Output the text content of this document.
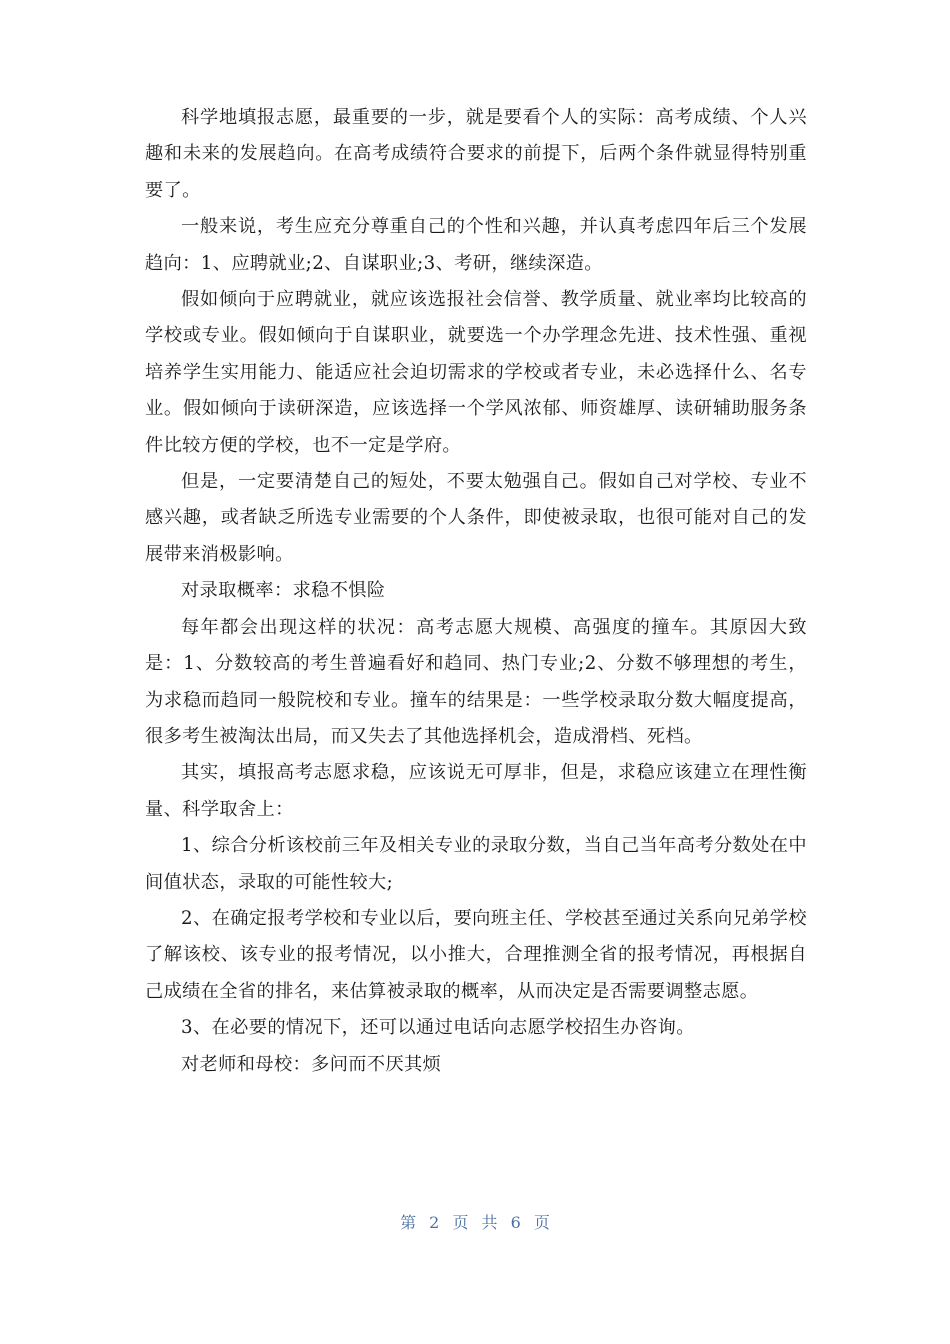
科学地填报志愿，最重要的一步，就是要看个人的实际：高考成绩、个人兴趣和未来的发展趋向。在高考成绩符合要求的前提下，后两个条件就显得特别重要了。

一般来说，考生应充分尊重自己的个性和兴趣，并认真考虑四年后三个发展趋向：1、应聘就业;2、自谋职业;3、考研，继续深造。

假如倾向于应聘就业，就应该选报社会信誉、教学质量、就业率均比较高的学校或专业。假如倾向于自谋职业，就要选一个办学理念先进、技术性强、重视培养学生实用能力、能适应社会迫切需求的学校或者专业，未必选择什么、名专业。假如倾向于读研深造，应该选择一个学风浓郁、师资雄厚、读研辅助服务条件比较方便的学校，也不一定是学府。

但是，一定要清楚自己的短处，不要太勉强自己。假如自己对学校、专业不感兴趣，或者缺乏所选专业需要的个人条件，即使被录取，也很可能对自己的发展带来消极影响。

对录取概率：求稳不惧险

每年都会出现这样的状况：高考志愿大规模、高强度的撞车。其原因大致是：1、分数较高的考生普遍看好和趋同、热门专业;2、分数不够理想的考生，为求稳而趋同一般院校和专业。撞车的结果是：一些学校录取分数大幅度提高，很多考生被淘汰出局，而又失去了其他选择机会，造成滑档、死档。

其实，填报高考志愿求稳，应该说无可厚非，但是，求稳应该建立在理性衡量、科学取舍上：

1、综合分析该校前三年及相关专业的录取分数，当自己当年高考分数处在中间值状态，录取的可能性较大;

2、在确定报考学校和专业以后，要向班主任、学校甚至通过关系向兄弟学校了解该校、该专业的报考情况，以小推大，合理推测全省的报考情况，再根据自己成绩在全省的排名，来估算被录取的概率，从而决定是否需要调整志愿。

3、在必要的情况下，还可以通过电话向志愿学校招生办咨询。

对老师和母校：多问而不厌其烦

第 2 页 共 6 页
